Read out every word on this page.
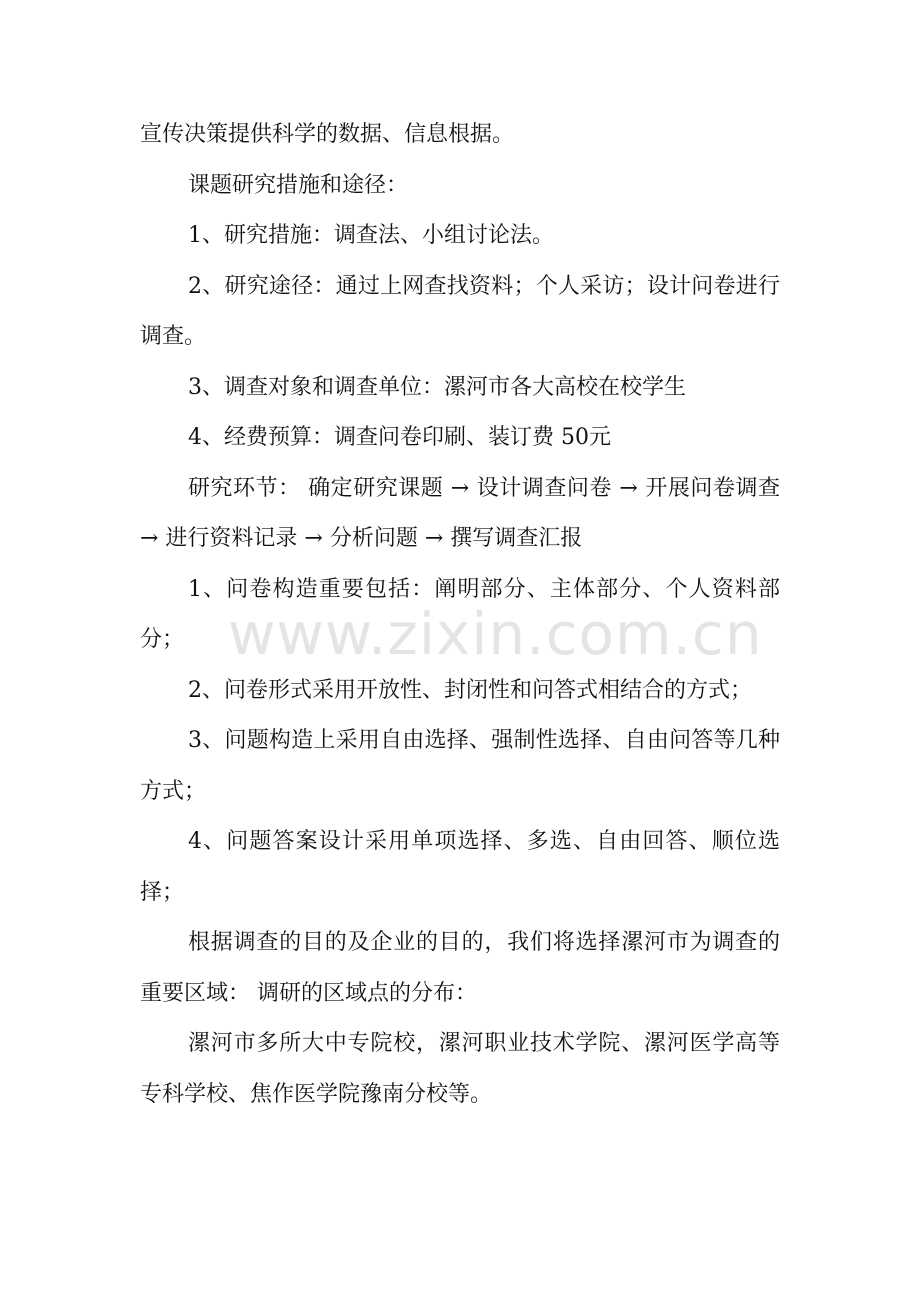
宣传决策提供科学的数据、信息根据。

课题研究措施和途径：

1、研究措施：调查法、小组讨论法。

2、研究途径：通过上网查找资料；个人采访；设计问卷进行调查。

3、调查对象和调查单位：漯河市各大高校在校学生

4、经费预算：调查问卷印刷、装订费 50元

研究环节： 确定研究课题 → 设计调查问卷 → 开展问卷调查 → 进行资料记录 → 分析问题 → 撰写调查汇报

1、问卷构造重要包括：阐明部分、主体部分、个人资料部分；

2、问卷形式采用开放性、封闭性和问答式相结合的方式；

3、问题构造上采用自由选择、强制性选择、自由问答等几种方式；

4、问题答案设计采用单项选择、多选、自由回答、顺位选择；

根据调查的目的及企业的目的，我们将选择漯河市为调查的重要区域： 调研的区域点的分布：

漯河市多所大中专院校，漯河职业技术学院、漯河医学高等专科学校、焦作医学院豫南分校等。

www.zixin.com.cn
